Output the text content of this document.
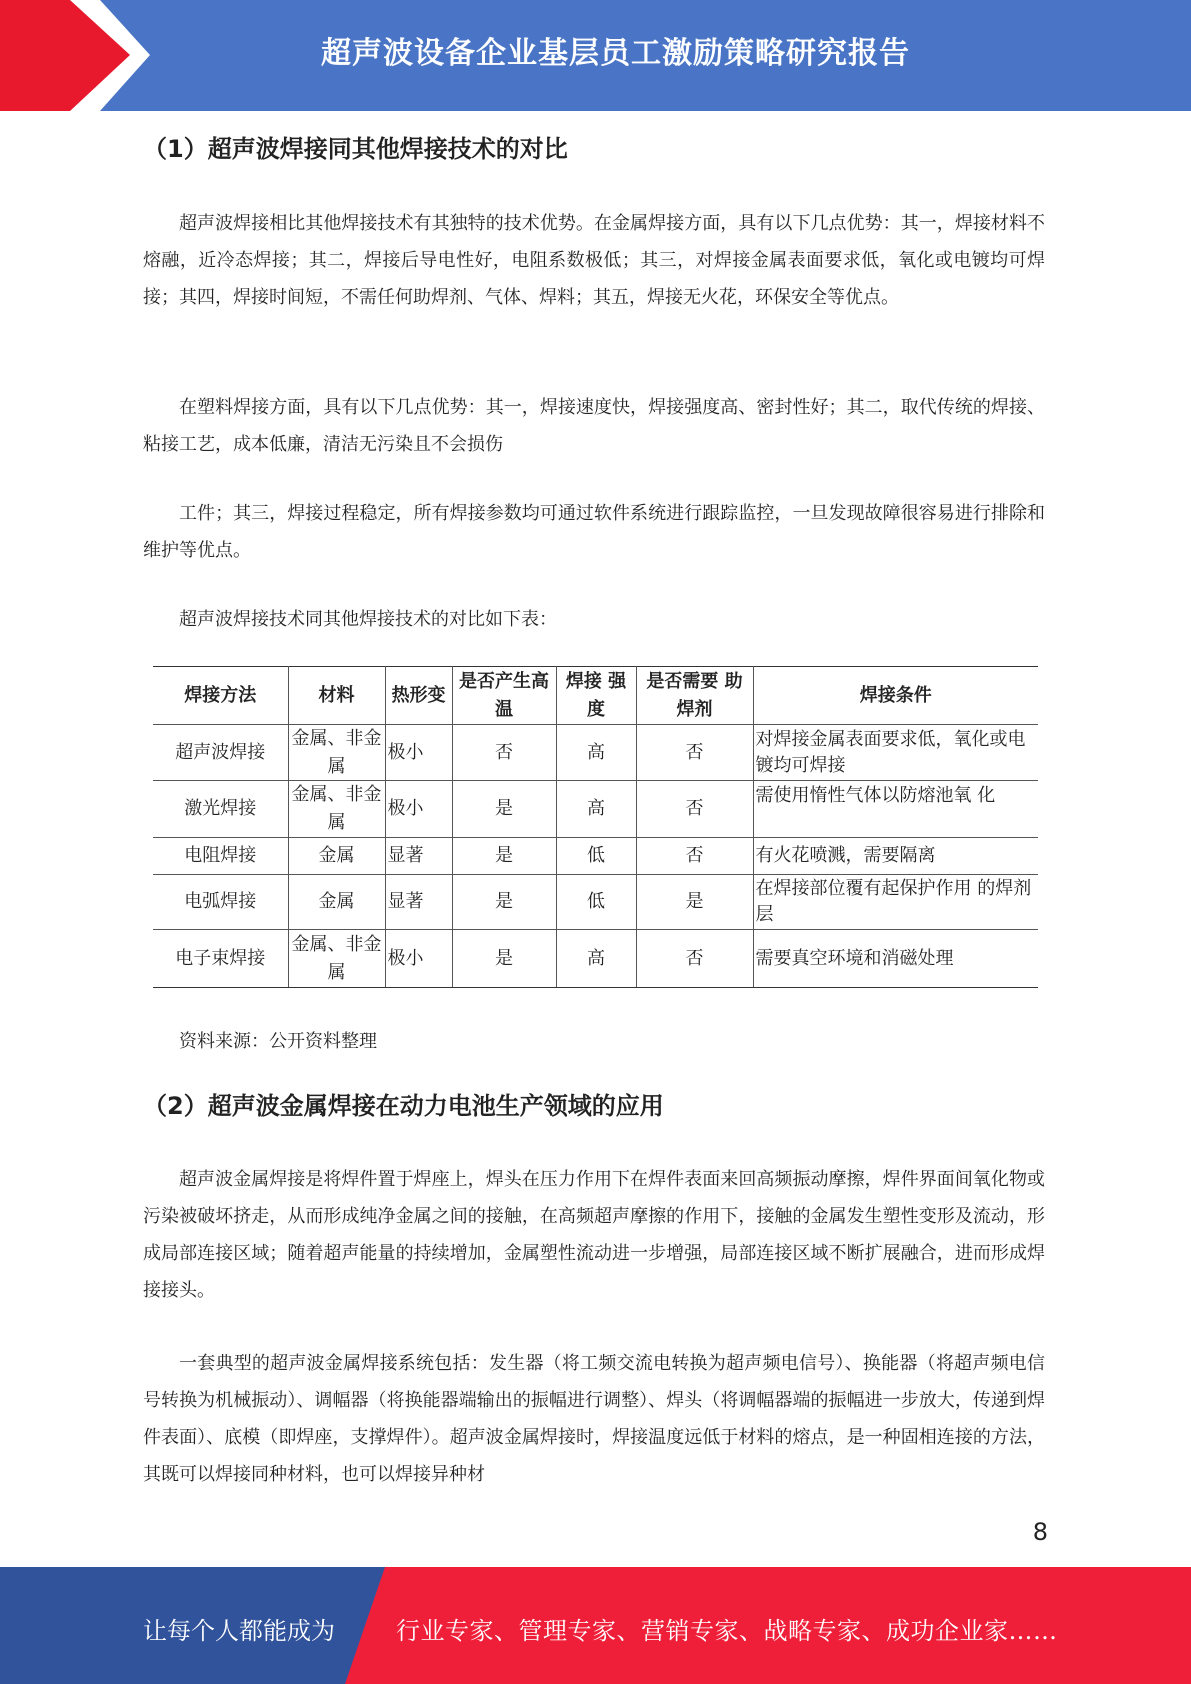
超声波设备企业基层员工激励策略研究报告
（1）超声波焊接同其他焊接技术的对比

超声波焊接相比其他焊接技术有其独特的技术优势。在金属焊接方面，具有以下几点优势：其一，焊接材料不熔融，近冷态焊接；其二，焊接后导电性好，电阻系数极低；其三，对焊接金属表面要求低，氧化或电镀均可焊接；其四，焊接时间短，不需任何助焊剂、气体、焊料；其五，焊接无火花，环保安全等优点。

在塑料焊接方面，具有以下几点优势：其一，焊接速度快，焊接强度高、密封性好；其二，取代传统的焊接、粘接工艺，成本低廉，清洁无污染且不会损伤

工件；其三，焊接过程稳定，所有焊接参数均可通过软件系统进行跟踪监控，一旦发现故障很容易进行排除和维护等优点。

超声波焊接技术同其他焊接技术的对比如下表：

焊接方法	材料	热形变	是否产生高温	焊接 强度	是否需要 助焊剂	焊接条件
超声波焊接	金属、非金属	极小	否	高	否	对焊接金属表面要求低，氧化或电镀均可焊接

激光焊接	金属、非金属	极小	是	高	否	需使用惰性气体以防熔池氧 化

电阻焊接	金属	显著	是	低	否	有火花喷溅，需要隔离
电弧焊接	金属	显著	是	低	是	在焊接部位覆有起保护作用 的焊剂层
电子束焊接	金属、非金属	极小	是	高	否	需要真空环境和消磁处理

资料来源：公开资料整理

（2）超声波金属焊接在动力电池生产领域的应用

超声波金属焊接是将焊件置于焊座上，焊头在压力作用下在焊件表面来回高频振动摩擦，焊件界面间氧化物或污染被破坏挤走，从而形成纯净金属之间的接触，在高频超声摩擦的作用下，接触的金属发生塑性变形及流动，形成局部连接区域；随着超声能量的持续增加，金属塑性流动进一步增强，局部连接区域不断扩展融合，进而形成焊接接头。

一套典型的超声波金属焊接系统包括：发生器（将工频交流电转换为超声频电信号）、换能器（将超声频电信号转换为机械振动）、调幅器（将换能器端输出的振幅进行调整）、焊头（将调幅器端的振幅进一步放大，传递到焊件表面）、底模（即焊座，支撑焊件）。超声波金属焊接时，焊接温度远低于材料的熔点，是一种固相连接的方法，其既可以焊接同种材料，也可以焊接异种材

8
让每个人都能成为	行业专家、管理专家、营销专家、战略专家、成功企业家……
